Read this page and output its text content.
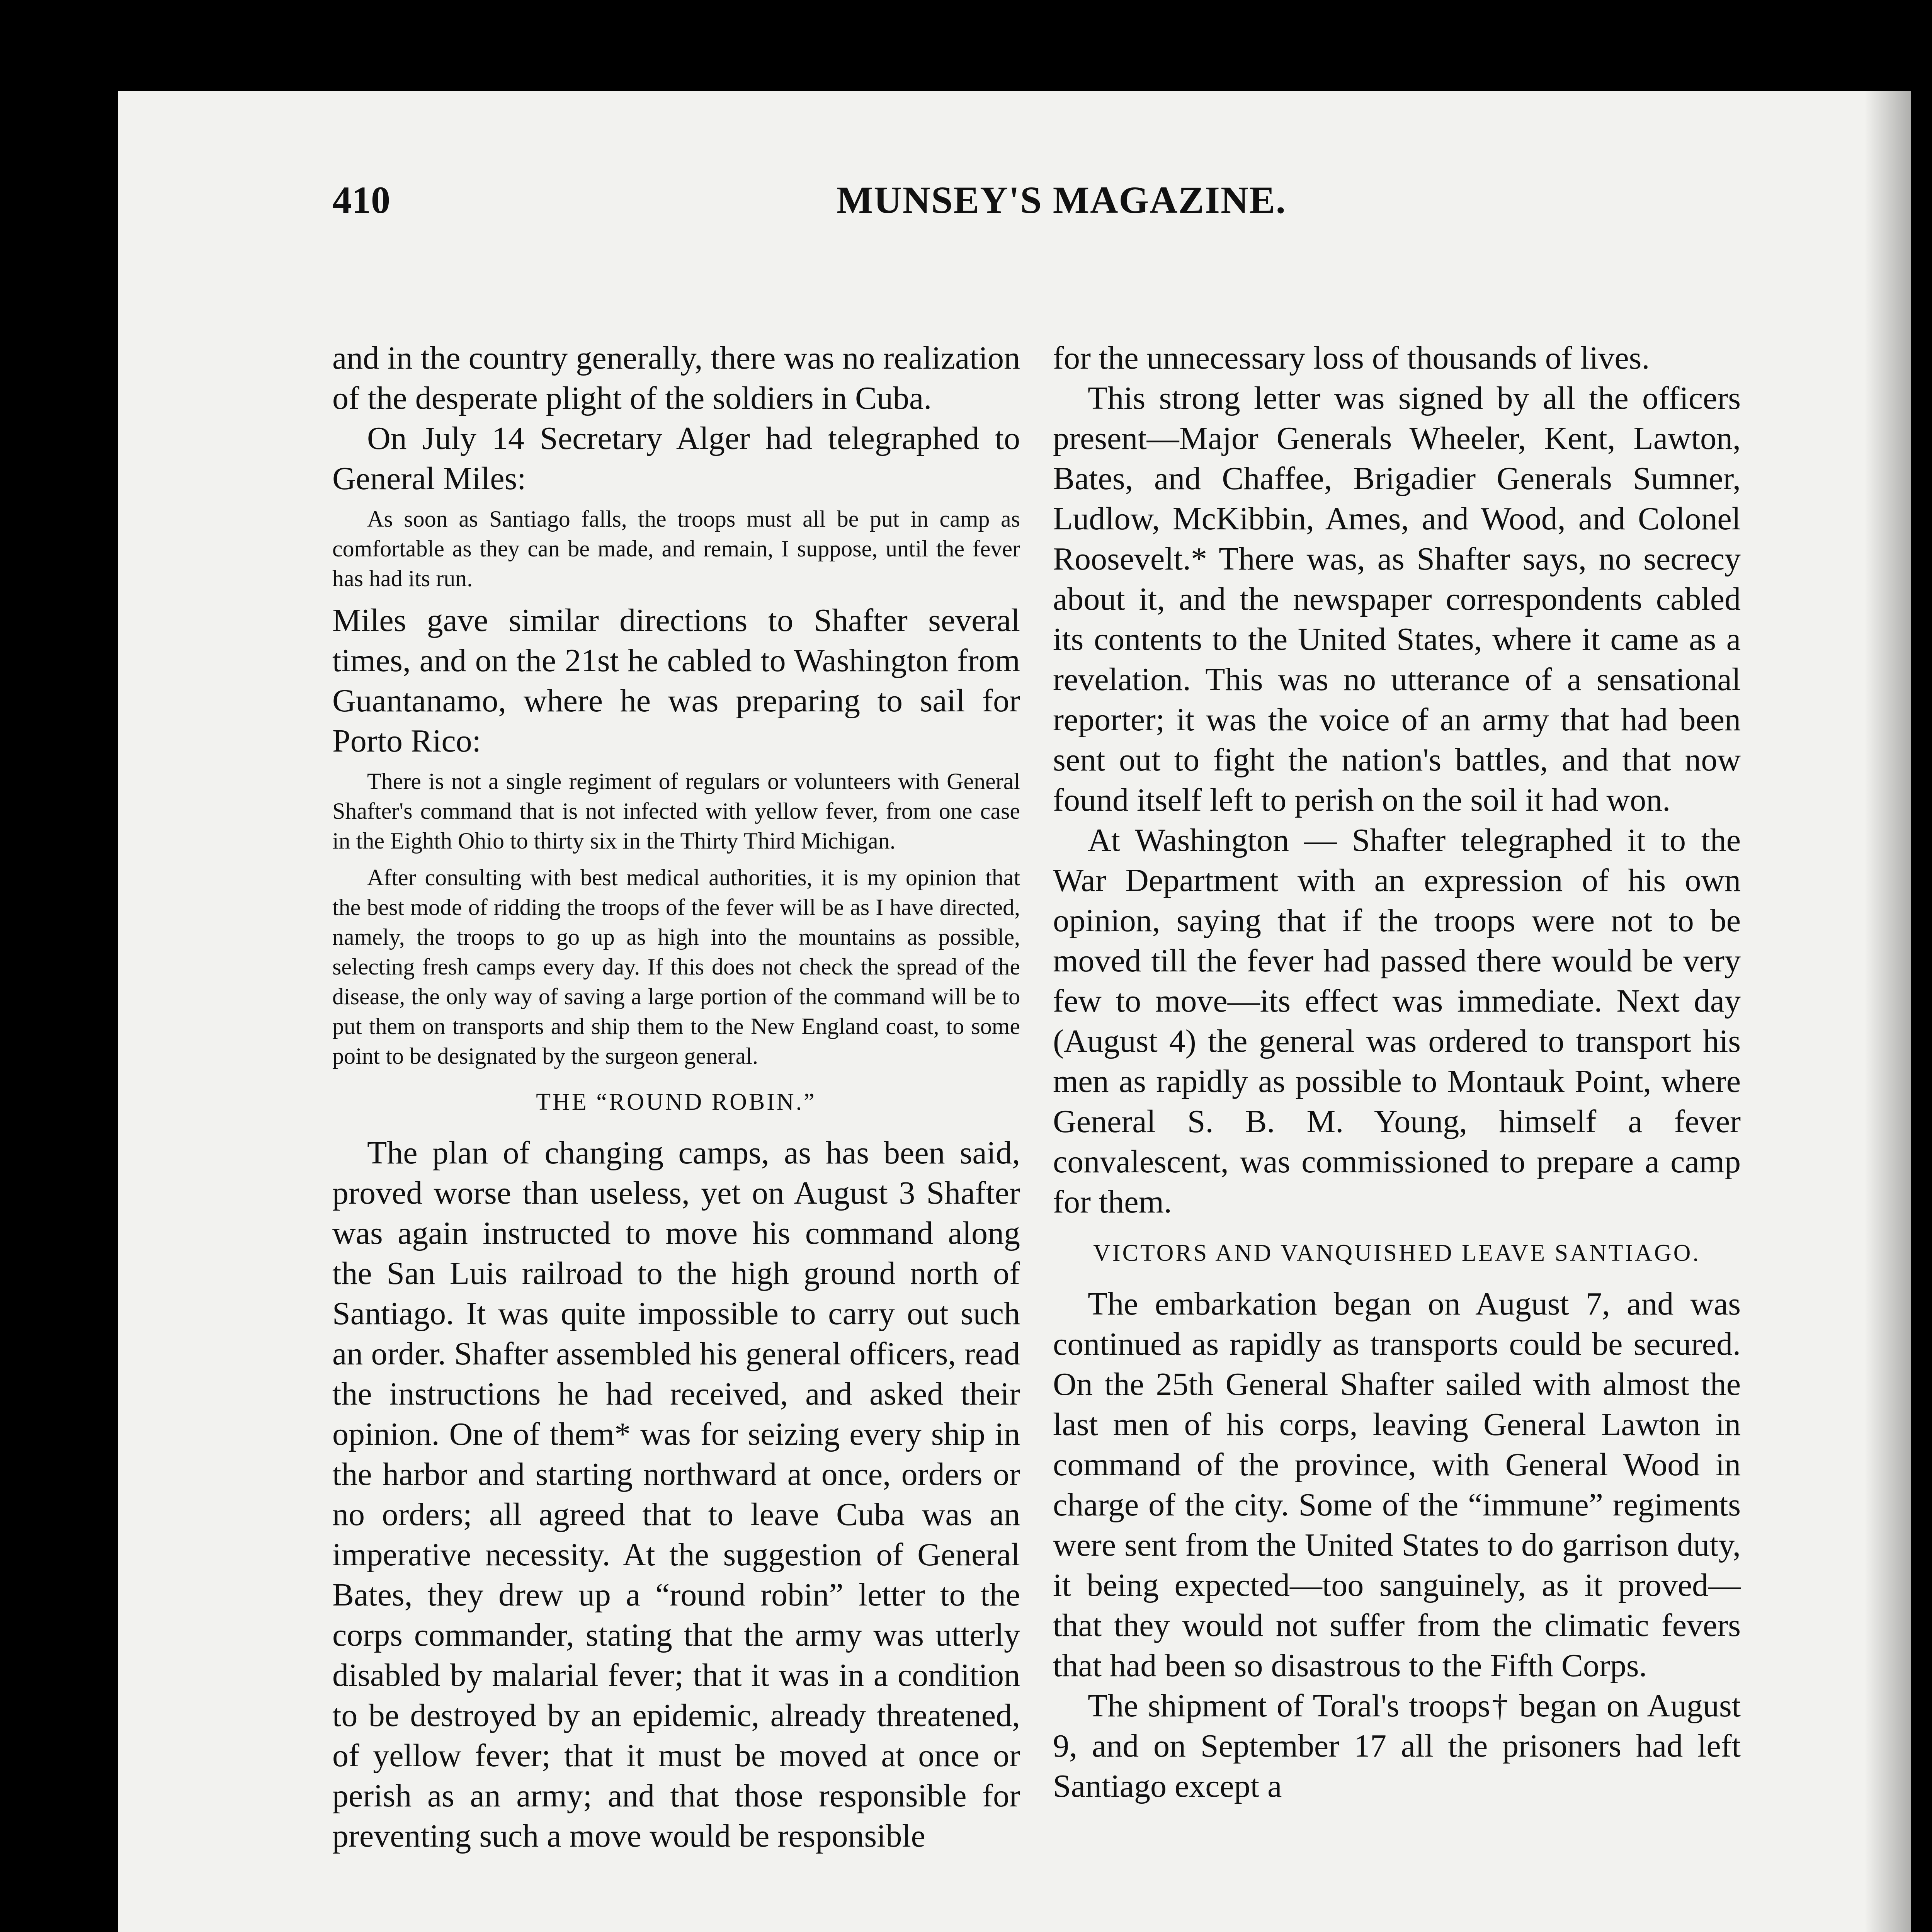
410	MUNSEY'S MAGAZINE.

and in the country generally, there was no realization of the desperate plight of the soldiers in Cuba.

On July 14 Secretary Alger had telegraphed to General Miles:

As soon as Santiago falls, the troops must all be put in camp as comfortable as they can be made, and remain, I suppose, until the fever has had its run.

Miles gave similar directions to Shafter several times, and on the 21st he cabled to Washington from Guantanamo, where he was preparing to sail for Porto Rico:

There is not a single regiment of regulars or volunteers with General Shafter's command that is not infected with yellow fever, from one case in the Eighth Ohio to thirty six in the Thirty Third Michigan.

After consulting with best medical authorities, it is my opinion that the best mode of ridding the troops of the fever will be as I have directed, namely, the troops to go up as high into the mountains as possible, selecting fresh camps every day. If this does not check the spread of the disease, the only way of saving a large portion of the command will be to put them on transports and ship them to the New England coast, to some point to be designated by the surgeon general.

THE “ROUND ROBIN.”

The plan of changing camps, as has been said, proved worse than useless, yet on August 3 Shafter was again instructed to move his command along the San Luis railroad to the high ground north of Santiago. It was quite impossible to carry out such an order. Shafter assembled his general officers, read the instructions he had received, and asked their opinion. One of them* was for seizing every ship in the harbor and starting northward at once, orders or no orders; all agreed that to leave Cuba was an imperative necessity. At the suggestion of General Bates, they drew up a “round robin” letter to the corps commander, stating that the army was utterly disabled by malarial fever; that it was in a condition to be destroyed by an epidemic, already threatened, of yellow fever; that it must be moved at once or perish as an army; and that those responsible for preventing such a move would be responsible

for the unnecessary loss of thousands of lives.

This strong letter was signed by all the officers present—Major Generals Wheeler, Kent, Lawton, Bates, and Chaffee, Brigadier Generals Sumner, Ludlow, McKibbin, Ames, and Wood, and Colonel Roosevelt.* There was, as Shafter says, no secrecy about it, and the newspaper correspondents cabled its contents to the United States, where it came as a revelation. This was no utterance of a sensational reporter; it was the voice of an army that had been sent out to fight the nation's battles, and that now found itself left to perish on the soil it had won.

At Washington — Shafter telegraphed it to the War Department with an expression of his own opinion, saying that if the troops were not to be moved till the fever had passed there would be very few to move—its effect was immediate. Next day (August 4) the general was ordered to transport his men as rapidly as possible to Montauk Point, where General S. B. M. Young, himself a fever convalescent, was commissioned to prepare a camp for them.

VICTORS AND VANQUISHED LEAVE SANTIAGO.

The embarkation began on August 7, and was continued as rapidly as transports could be secured. On the 25th General Shafter sailed with almost the last men of his corps, leaving General Lawton in command of the province, with General Wood in charge of the city. Some of the “immune” regiments were sent from the United States to do garrison duty, it being expected—too sanguinely, as it proved—that they would not suffer from the climatic fevers that had been so disastrous to the Fifth Corps.

The shipment of Toral's troops† began on August 9, and on September 17 all the prisoners had left Santiago except a
